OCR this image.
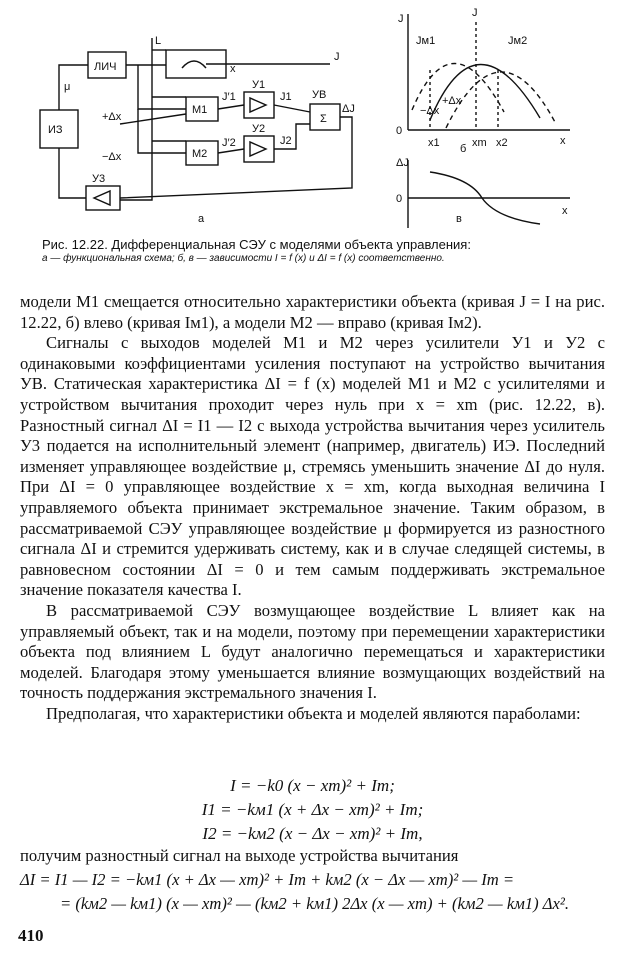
ИЗ
ЛИЧ
М1
М2
У1
У2
УВ
Σ
У3
L
J
μ
+Δx
−Δx
J′1
J′2
J1
J2
ΔJ
x
а
J	J
Jм1	Jм2
0
x1	xm x2	x
−Δx
+Δx
б
ΔJ
0
x
в
Рис. 12.22. Дифференциальная СЭУ с моделями объекта управления:
а — функциональная схема; б, в — зависимости I = f (x) и ΔI = f (x) соответственно.

модели М1 смещается относительно характеристики объекта (кривая J = I на рис. 12.22, б) влево (кривая Iм1), а модели М2 — вправо (кривая Iм2).

Сигналы с выходов моделей М1 и М2 через усилители У1 и У2 с одинаковыми коэффициентами усиления поступают на устройство вычитания УВ. Статическая характеристика ΔI = f (x) моделей М1 и М2 с усилителями и устройством вычитания проходит через нуль при x = xm (рис. 12.22, в). Разностный сигнал ΔI = I1 — I2 с выхода устройства вычитания через усилитель У3 подается на исполнительный элемент (например, двигатель) ИЭ. Последний изменяет управляющее воздействие μ, стремясь уменьшить значение ΔI до нуля. При ΔI = 0 управляющее воздействие x = xm, когда выходная величина I управляемого объекта принимает экстремальное значение. Таким образом, в рассматриваемой СЭУ управляющее воздействие μ формируется из разностного сигнала ΔI и стремится удерживать систему, как и в случае следящей системы, в равновесном состоянии ΔI = 0 и тем самым поддерживать экстремальное значение показателя качества I.

В рассматриваемой СЭУ возмущающее воздействие L влияет как на управляемый объект, так и на модели, поэтому при перемещении характеристики объекта под влиянием L будут аналогично перемещаться и характеристики моделей. Благодаря этому уменьшается влияние возмущающих воздействий на точность поддержания экстремального значения I.

Предполагая, что характеристики объекта и моделей являются параболами:

I = −k0 (x − xm)² + Im;
I1 = −kм1 (x + Δx − xm)² + Im;
I2 = −kм2 (x − Δx − xm)² + Im,
получим разностный сигнал на выходе устройства вычитания
ΔI = I1 — I2 = −kм1 (x + Δx — xm)² + Im + kм2 (x − Δx — xm)² — Im =
= (kм2 — kм1) (x — xm)² — (kм2 + kм1) 2Δx (x — xm) + (kм2 — kм1) Δx².
410
